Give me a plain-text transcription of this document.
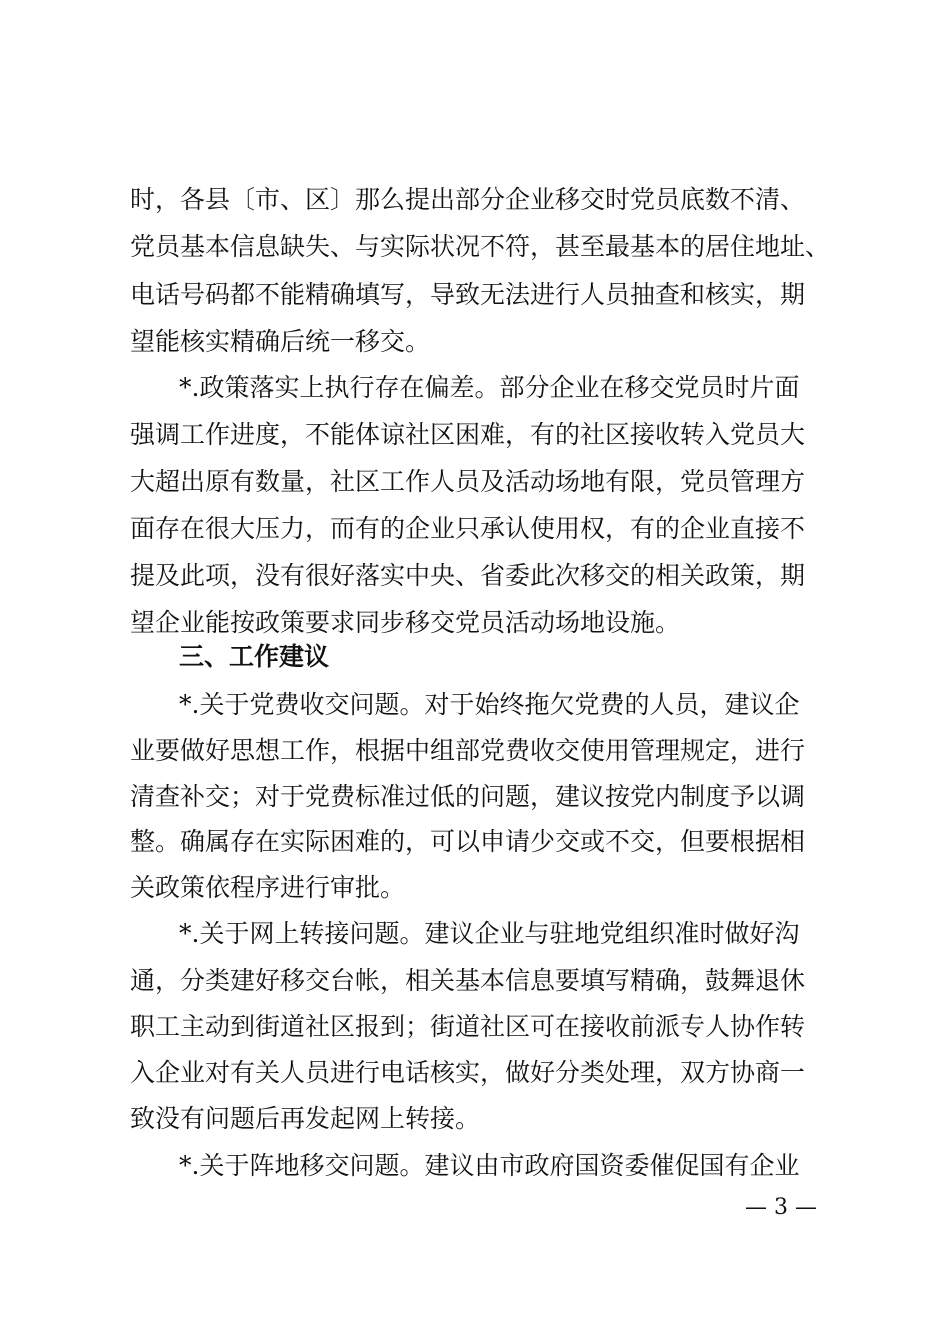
时，各县〔市、区〕那么提出部分企业移交时党员底数不清、
党员基本信息缺失、与实际状况不符，甚至最基本的居住地址、
电话号码都不能精确填写，导致无法进行人员抽查和核实，期
望能核实精确后统一移交。
*.政策落实上执行存在偏差。部分企业在移交党员时片面
强调工作进度，不能体谅社区困难，有的社区接收转入党员大
大超出原有数量，社区工作人员及活动场地有限，党员管理方
面存在很大压力，而有的企业只承认使用权，有的企业直接不
提及此项，没有很好落实中央、省委此次移交的相关政策，期
望企业能按政策要求同步移交党员活动场地设施。
三、工作建议
*.关于党费收交问题。对于始终拖欠党费的人员，建议企
业要做好思想工作，根据中组部党费收交使用管理规定，进行
清查补交；对于党费标准过低的问题，建议按党内制度予以调
整。确属存在实际困难的，可以申请少交或不交，但要根据相
关政策依程序进行审批。
*.关于网上转接问题。建议企业与驻地党组织准时做好沟
通，分类建好移交台帐，相关基本信息要填写精确，鼓舞退休
职工主动到街道社区报到；街道社区可在接收前派专人协作转
入企业对有关人员进行电话核实，做好分类处理，双方协商一
致没有问题后再发起网上转接。
*.关于阵地移交问题。建议由市政府国资委催促国有企业
— 3 —
